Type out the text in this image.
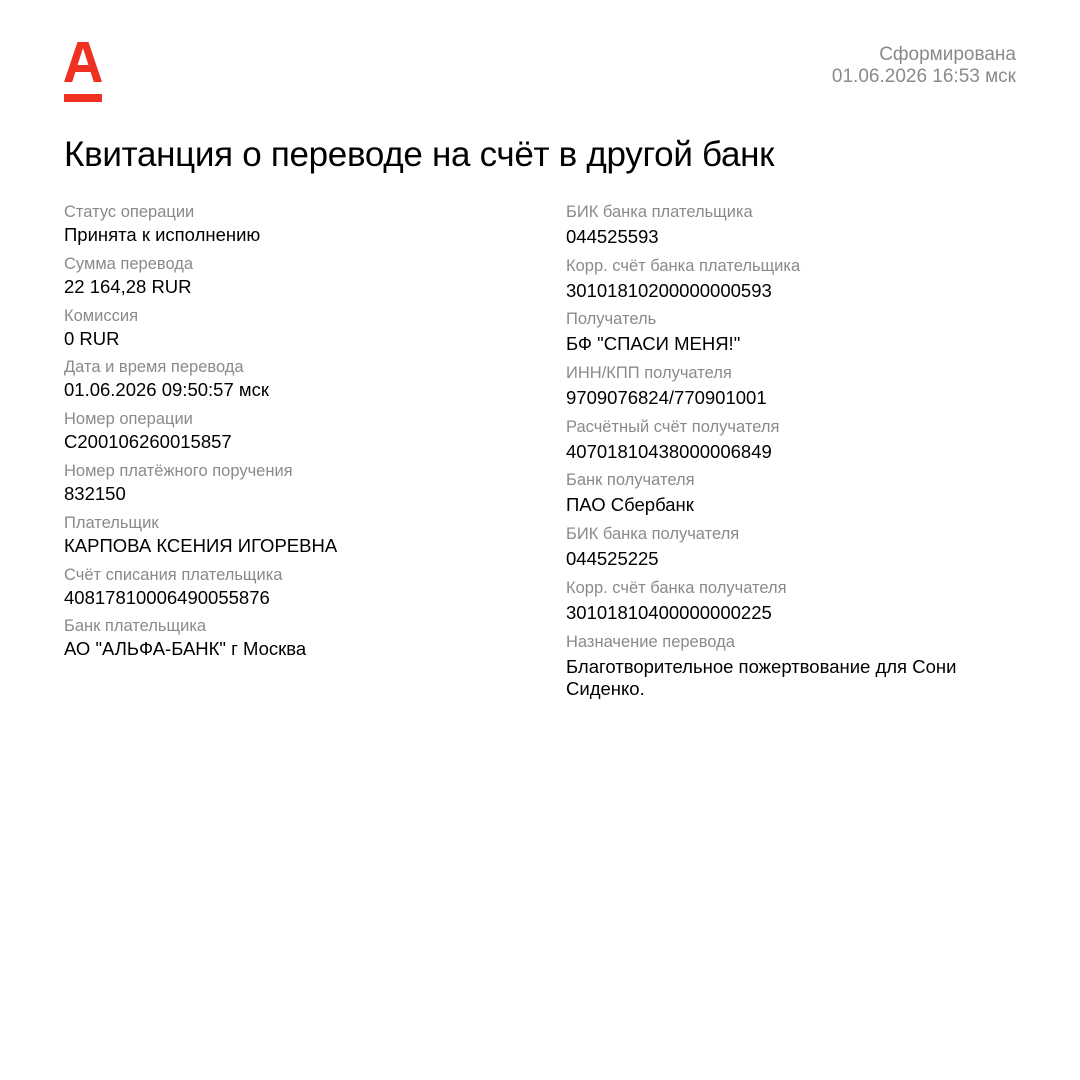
Сформирована
01.06.2026 16:53 мск
Квитанция о переводе на счёт в другой банк
Статус операции
Принята к исполнению
Сумма перевода
22 164,28 RUR
Комиссия
0 RUR
Дата и время перевода
01.06.2026 09:50:57 мск
Номер операции
C200106260015857
Номер платёжного поручения
832150
Плательщик
КАРПОВА КСЕНИЯ ИГОРЕВНА
Счёт списания плательщика
40817810006490055876
Банк плательщика
АО "АЛЬФА-БАНК" г Москва
БИК банка плательщика
044525593
Корр. счёт банка плательщика
30101810200000000593
Получатель
БФ "СПАСИ МЕНЯ!"
ИНН/КПП получателя
9709076824/770901001
Расчётный счёт получателя
40701810438000006849
Банк получателя
ПАО Сбербанк
БИК банка получателя
044525225
Корр. счёт банка получателя
30101810400000000225
Назначение перевода
Благотворительное пожертвование для Сони Сиденко.
